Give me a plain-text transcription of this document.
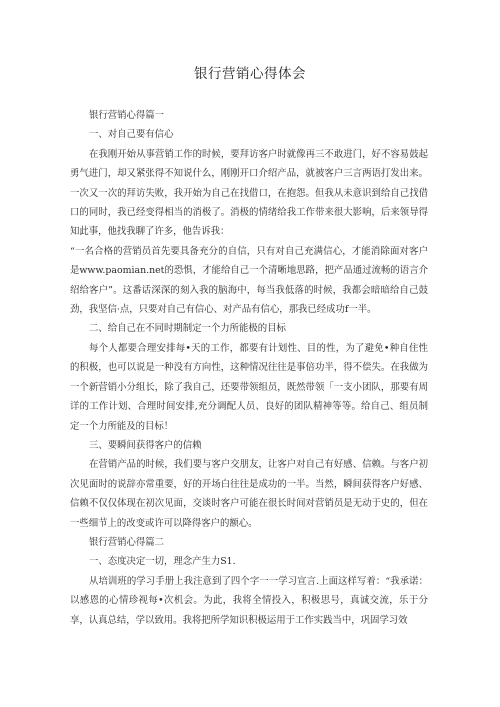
银行营销心得体会

银行营销心得篇一

一、对自己要有信心

在我刚开始从事营销工作的时候，要拜访客户时就像再三不敢进门，好不容易鼓起勇气进门，却又紧张得不知说什么，刚刚开口介绍产品，就被客户三言两语打发出来。一次又一次的拜访失败，我开始为自己在找借口，在抱怨。但我从未意识到给自己找借口的同时，我已经变得相当的消极了。消极的情绪给我工作带来很大影响，后来领导得知此事，他找我聊了许多，他告诉我：

“一名合格的营销员首先要具备充分的自信，只有对自己充满信心，才能消除面对客户是www.paomian.net的恐惧，才能给自己一个清晰地思路，把产品通过流畅的语言介绍给客户”。这番话深深的刻入我的脑海中，每当我低落的时候，我都会暗暗给自己鼓劲，我坚信·点，只要对自己有信心、对产品有信心，那我已经成功f一半。

二、给自己在不同时期制定一个力所能极的目标

每个人都要合理安排每•天的工作，都要有计划性、目的性，为了避免•种自住性的积极，也可以说是一种没有方向性，这种情况往往是事倍功半，得不偿失。在我做为一个新营销小分组长，除了我自己，还要带领组员，既然带领「一支小团队，那要有周详的工作计划、合理时间安排,充分调配人员、良好的团队精神等等。给自己、组员制定一个力所能及的目标！

三、要瞬间获得客户的信赖

在营销产品的时候，我们要与客户交朋友，让客户对自己有好感、信赖。与客户初次见面时的说辞亦常重要，好的开场白往往是成功的一半。当然，瞬间获得客户好感、信赖不仅仅体现在初次见面，交谈时客户可能在很长时间对营销员是无动于史的，但在一些细节上的改变或许可以降得客户的额心。

银行营销心得篇二

一、态度决定一切，理念产生力S1.

从培训班的学习手册上我注意到了四个字一一学习宣言.上面这样写着：“我承诺：以感恩的心情珍视每•次机会。为此，我将全情投入，积极思号，真诚交流，乐于分享，认真总结，学以致用。我将把所学知识积极运用于工作实践当中，巩固学习效
